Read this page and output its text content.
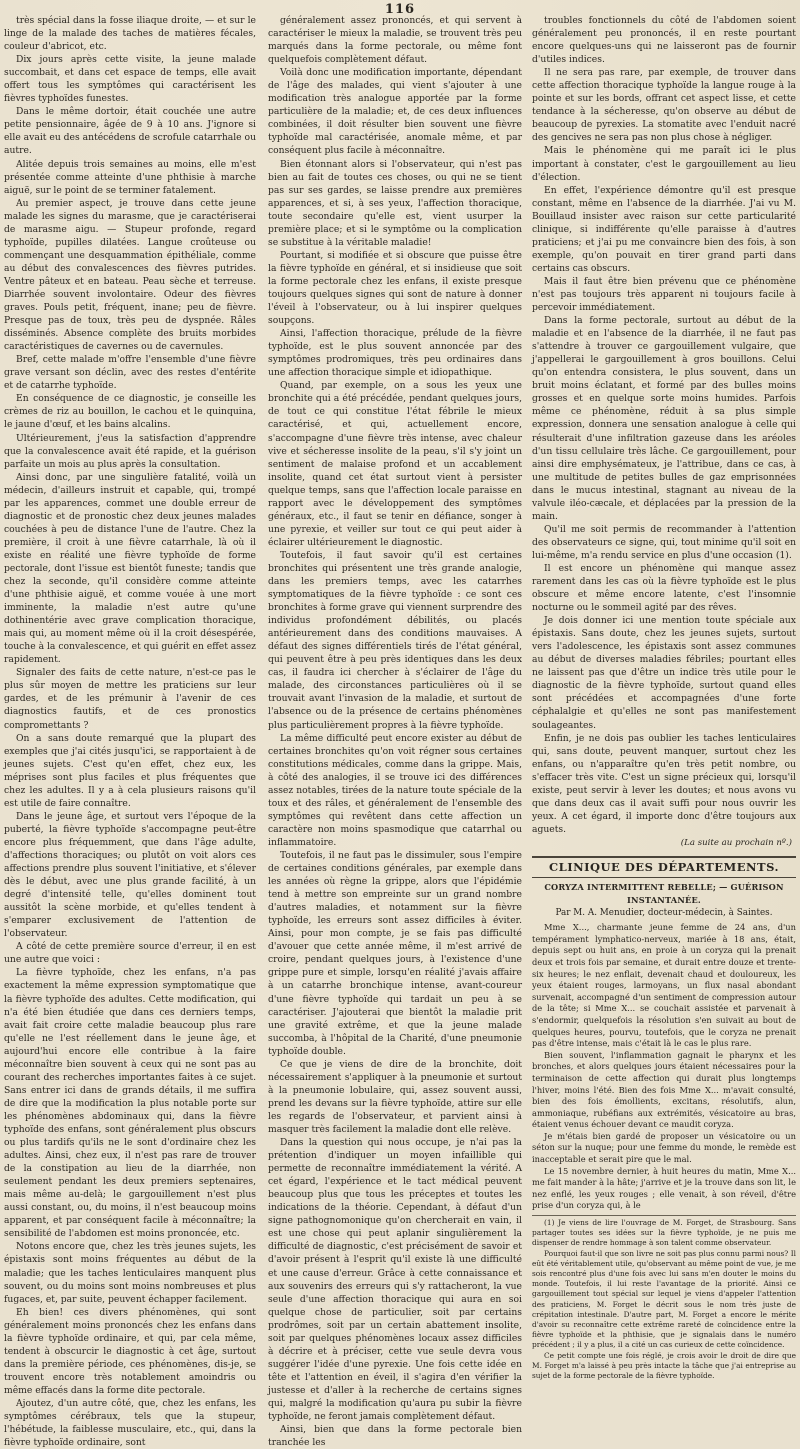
116

très spécial dans la fosse iliaque droite, — et sur le linge de la malade des taches de matières fécales, couleur d'abricot, etc.

Dix jours après cette visite, la jeune malade succombait, et dans cet espace de temps, elle avait offert tous les symptômes qui caractérisent les fièvres typhoïdes funestes.

Dans le même dortoir, était couchée une autre petite pensionnaire, âgée de 9 à 10 ans. J'ignore si elle avait eu des antécédens de scrofule catarrhale ou autre.

Alitée depuis trois semaines au moins, elle m'est présentée comme atteinte d'une phthisie à marche aiguë, sur le point de se terminer fatalement.

Au premier aspect, je trouve dans cette jeune malade les signes du marasme, que je caractériserai de marasme aigu. — Stupeur profonde, regard typhoïde, pupilles dilatées. Langue croûteuse ou commençant une desquammation épithéliale, comme au début des convalescences des fièvres putrides. Ventre pâteux et en bateau. Peau sèche et terreuse. Diarrhée souvent involontaire. Odeur des fièvres graves. Pouls petit, fréquent, inane; peu de fièvre. Presque pas de toux, très peu de dyspnée. Râles disséminés. Absence complète des bruits morbides caractéristiques de cavernes ou de cavernules.

Bref, cette malade m'offre l'ensemble d'une fièvre grave versant son déclin, avec des restes d'entérite et de catarrhe typhoïde.

En conséquence de ce diagnostic, je conseille les crèmes de riz au bouillon, le cachou et le quinquina, le jaune d'œuf, et les bains alcalins.

Ultérieurement, j'eus la satisfaction d'apprendre que la convalescence avait été rapide, et la guérison parfaite un mois au plus après la consultation.

Ainsi donc, par une singulière fatalité, voilà un médecin, d'ailleurs instruit et capable, qui, trompé par les apparences, commet une double erreur de diagnostic et de pronostic chez deux jeunes malades couchées à peu de distance l'une de l'autre. Chez la première, il croit à une fièvre catarrhale, là où il existe en réalité une fièvre typhoïde de forme pectorale, dont l'issue est bientôt funeste; tandis que chez la seconde, qu'il considère comme atteinte d'une phthisie aiguë, et comme vouée à une mort imminente, la maladie n'est autre qu'une dothinentérie avec grave complication thoracique, mais qui, au moment même où il la croit désespérée, touche à la convalescence, et qui guérit en effet assez rapidement.

Signaler des faits de cette nature, n'est-ce pas le plus sûr moyen de mettre les praticiens sur leur gardes, et de les prémunir à l'avenir de ces diagnostics fautifs, et de ces pronostics compromettants ?

On a sans doute remarqué que la plupart des exemples que j'ai cités jusqu'ici, se rapportaient à de jeunes sujets. C'est qu'en effet, chez eux, les méprises sont plus faciles et plus fréquentes que chez les adultes. Il y a à cela plusieurs raisons qu'il est utile de faire connaître.

Dans le jeune âge, et surtout vers l'époque de la puberté, la fièvre typhoïde s'accompagne peut-être encore plus fréquemment, que dans l'âge adulte, d'affections thoraciques; ou plutôt on voit alors ces affections prendre plus souvent l'initiative, et s'élever dès le début, avec une plus grande facilité, à un degré d'intensité telle, qu'elles dominent tout aussitôt la scène morbide, et qu'elles tendent à s'emparer exclusivement de l'attention de l'observateur.

A côté de cette première source d'erreur, il en est une autre que voici :

La fièvre typhoïde, chez les enfans, n'a pas exactement la même expression symptomatique que la fièvre typhoïde des adultes. Cette modification, qui n'a été bien étudiée que dans ces derniers temps, avait fait croire cette maladie beaucoup plus rare qu'elle ne l'est réellement dans le jeune âge, et aujourd'hui encore elle contribue à la faire méconnaître bien souvent à ceux qui ne sont pas au courant des recherches importantes faites à ce sujet. Sans entrer ici dans de grands détails, il me suffira de dire que la modification la plus notable porte sur les phénomènes abdominaux qui, dans la fièvre typhoïde des enfans, sont généralement plus obscurs ou plus tardifs qu'ils ne le sont d'ordinaire chez les adultes. Ainsi, chez eux, il n'est pas rare de trouver de la constipation au lieu de la diarrhée, non seulement pendant les deux premiers septenaires, mais même au-delà; le gargouillement n'est plus aussi constant, ou, du moins, il n'est beaucoup moins apparent, et par conséquent facile à méconnaître; la sensibilité de l'abdomen est moins prononcée, etc.

Notons encore que, chez les très jeunes sujets, les épistaxis sont moins fréquentes au début de la maladie; que les taches lenticulaires manquent plus souvent, ou du moins sont moins nombreuses et plus fugaces, et, par suite, peuvent échapper facilement.

Eh bien! ces divers phénomènes, qui sont généralement moins prononcés chez les enfans dans la fièvre typhoïde ordinaire, et qui, par cela même, tendent à obscurcir le diagnostic à cet âge, surtout dans la première période, ces phénomènes, dis-je, se trouvent encore très notablement amoindris ou même effacés dans la forme dite pectorale.

Ajoutez, d'un autre côté, que, chez les enfans, les symptômes cérébraux, tels que la stupeur, l'hébétude, la faiblesse musculaire, etc., qui, dans la fièvre typhoïde ordinaire, sont

généralement assez prononcés, et qui servent à caractériser le mieux la maladie, se trouvent très peu marqués dans la forme pectorale, ou même font quelquefois complètement défaut.

Voilà donc une modification importante, dépendant de l'âge des malades, qui vient s'ajouter à une modification très analogue apportée par la forme particulière de la maladie; et, de ces deux influences combinées, il doit résulter bien souvent une fièvre typhoïde mal caractérisée, anomale même, et par conséquent plus facile à méconnaître.

Bien étonnant alors si l'observateur, qui n'est pas bien au fait de toutes ces choses, ou qui ne se tient pas sur ses gardes, se laisse prendre aux premières apparences, et si, à ses yeux, l'affection thoracique, toute secondaire qu'elle est, vient usurper la première place; et si le symptôme ou la complication se substitue à la véritable maladie!

Pourtant, si modifiée et si obscure que puisse être la fièvre typhoïde en général, et si insidieuse que soit la forme pectorale chez les enfans, il existe presque toujours quelques signes qui sont de nature à donner l'éveil à l'observateur, ou à lui inspirer quelques soupçons.

Ainsi, l'affection thoracique, prélude de la fièvre typhoïde, est le plus souvent annoncée par des symptômes prodromiques, très peu ordinaires dans une affection thoracique simple et idiopathique.

Quand, par exemple, on a sous les yeux une bronchite qui a été précédée, pendant quelques jours, de tout ce qui constitue l'état fébrile le mieux caractérisé, et qui, actuellement encore, s'accompagne d'une fièvre très intense, avec chaleur vive et sécheresse insolite de la peau, s'il s'y joint un sentiment de malaise profond et un accablement insolite, quand cet état surtout vient à persister quelque temps, sans que l'affection locale paraisse en rapport avec le développement des symptômes généraux, etc., il faut se tenir en défiance, songer à une pyrexie, et veiller sur tout ce qui peut aider à éclairer ultérieurement le diagnostic.

Toutefois, il faut savoir qu'il est certaines bronchites qui présentent une très grande analogie, dans les premiers temps, avec les catarrhes symptomatiques de la fièvre typhoïde : ce sont ces bronchites à forme grave qui viennent surprendre des individus profondément débilités, ou placés antérieurement dans des conditions mauvaises. A défaut des signes différentiels tirés de l'état général, qui peuvent être à peu près identiques dans les deux cas, il faudra ici chercher à s'éclairer de l'âge du malade, des circonstances particulières où il se trouvait avant l'invasion de la maladie, et surtout de l'absence ou de la présence de certains phénomènes plus particulièrement propres à la fièvre typhoïde.

La même difficulté peut encore exister au début de certaines bronchites qu'on voit régner sous certaines constitutions médicales, comme dans la grippe. Mais, à côté des analogies, il se trouve ici des différences assez notables, tirées de la nature toute spéciale de la toux et des râles, et généralement de l'ensemble des symptômes qui revêtent dans cette affection un caractère non moins spasmodique que catarrhal ou inflammatoire.

Toutefois, il ne faut pas le dissimuler, sous l'empire de certaines conditions générales, par exemple dans les années où règne la grippe, alors que l'épidémie tend à mettre son empreinte sur un grand nombre d'autres maladies, et notamment sur la fièvre typhoïde, les erreurs sont assez difficiles à éviter. Ainsi, pour mon compte, je se fais pas difficulté d'avouer que cette année même, il m'est arrivé de croire, pendant quelques jours, à l'existence d'une grippe pure et simple, lorsqu'en réalité j'avais affaire à un catarrhe bronchique intense, avant-coureur d'une fièvre typhoïde qui tardait un peu à se caractériser. J'ajouterai que bientôt la maladie prit une gravité extrême, et que la jeune malade succomba, à l'hôpital de la Charité, d'une pneumonie typhoïde double.

Ce que je viens de dire de la bronchite, doit nécessairement s'appliquer à la pneumonie et surtout à la pneumonie lobulaire, qui, assez souvent aussi, prend les devans sur la fièvre typhoïde, attire sur elle les regards de l'observateur, et parvient ainsi à masquer très facilement la maladie dont elle relève.

Dans la question qui nous occupe, je n'ai pas la prétention d'indiquer un moyen infaillible qui permette de reconnaître immédiatement la vérité. A cet égard, l'expérience et le tact médical peuvent beaucoup plus que tous les préceptes et toutes les indications de la théorie. Cependant, à défaut d'un signe pathognomonique qu'on chercherait en vain, il est une chose qui peut aplanir singulièrement la difficulté de diagnostic, c'est précisément de savoir et d'avoir présent à l'esprit qu'il existe là une difficulté et une cause d'erreur. Grâce à cette connaissance et aux souvenirs des erreurs qui s'y rattacheront, la vue seule d'une affection thoracique qui aura en soi quelque chose de particulier, soit par certains prodrômes, soit par un certain abattement insolite, soit par quelques phénomènes locaux assez difficiles à décrire et à préciser, cette vue seule devra vous suggérer l'idée d'une pyrexie. Une fois cette idée en tête et l'attention en éveil, il s'agira d'en vérifier la justesse et d'aller à la recherche de certains signes qui, malgré la modification qu'aura pu subir la fièvre typhoïde, ne feront jamais complètement défaut.

Ainsi, bien que dans la forme pectorale bien tranchée les

troubles fonctionnels du côté de l'abdomen soient généralement peu prononcés, il en reste pourtant encore quelques-uns qui ne laisseront pas de fournir d'utiles indices.

Il ne sera pas rare, par exemple, de trouver dans cette affection thoracique typhoïde la langue rouge à la pointe et sur les bords, offrant cet aspect lisse, et cette tendance à la sécheresse, qu'on observe au début de beaucoup de pyrexies. La stomatite avec l'enduit nacré des gencives ne sera pas non plus chose à négliger.

Mais le phénomène qui me paraît ici le plus important à constater, c'est le gargouillement au lieu d'élection.

En effet, l'expérience démontre qu'il est presque constant, même en l'absence de la diarrhée. J'ai vu M. Bouillaud insister avec raison sur cette particularité clinique, si indifférente qu'elle paraisse à d'autres praticiens; et j'ai pu me convaincre bien des fois, à son exemple, qu'on pouvait en tirer grand parti dans certains cas obscurs.

Mais il faut être bien prévenu que ce phénomène n'est pas toujours très apparent ni toujours facile à percevoir immédiatement.

Dans la forme pectorale, surtout au début de la maladie et en l'absence de la diarrhée, il ne faut pas s'attendre à trouver ce gargouillement vulgaire, que j'appellerai le gargouillement à gros bouillons. Celui qu'on entendra consistera, le plus souvent, dans un bruit moins éclatant, et formé par des bulles moins grosses et en quelque sorte moins humides. Parfois même ce phénomène, réduit à sa plus simple expression, donnera une sensation analogue à celle qui résulterait d'une infiltration gazeuse dans les aréoles d'un tissu cellulaire très lâche. Ce gargouillement, pour ainsi dire emphysémateux, je l'attribue, dans ce cas, à une multitude de petites bulles de gaz emprisonnées dans le mucus intestinal, stagnant au niveau de la valvule iléo-cæcale, et déplacées par la pression de la main.

Qu'il me soit permis de recommander à l'attention des observateurs ce signe, qui, tout minime qu'il soit en lui-même, m'a rendu service en plus d'une occasion (1).

Il est encore un phénomène qui manque assez rarement dans les cas où la fièvre typhoïde est le plus obscure et même encore latente, c'est l'insomnie nocturne ou le sommeil agité par des rêves.

Je dois donner ici une mention toute spéciale aux épistaxis. Sans doute, chez les jeunes sujets, surtout vers l'adolescence, les épistaxis sont assez communes au début de diverses maladies fébriles; pourtant elles ne laissent pas que d'être un indice très utile pour le diagnostic de la fièvre typhoïde, surtout quand elles sont précédées et accompagnées d'une forte céphalalgie et qu'elles ne sont pas manifestement soulageantes.

Enfin, je ne dois pas oublier les taches lenticulaires qui, sans doute, peuvent manquer, surtout chez les enfans, ou n'apparaître qu'en très petit nombre, ou s'effacer très vite. C'est un signe précieux qui, lorsqu'il existe, peut servir à lever les doutes; et nous avons vu que dans deux cas il avait suffi pour nous ouvrir les yeux. A cet égard, il importe donc d'être toujours aux aguets.

(La suite au prochain nº.)
CLINIQUE DES DÉPARTEMENTS.
CORYZA INTERMITTENT REBELLE; — GUÉRISON INSTANTANÉE.
Par M. A. Menudier, docteur-médecin, à Saintes.

Mme X..., charmante jeune femme de 24 ans, d'un tempérament lymphatico-nerveux, mariée à 18 ans, était, depuis sept ou huit ans, en proie à un coryza qui la prenait deux et trois fois par semaine, et durait entre douze et trente-six heures; le nez enflait, devenait chaud et douloureux, les yeux étaient rouges, larmoyans, un flux nasal abondant survenait, accompagné d'un sentiment de compression autour de la tête; si Mme X... se couchait assistée et parvenait à s'endormir, quelquefois la résolution s'en suivait au bout de quelques heures, pourvu, toutefois, que le coryza ne prenait pas d'être intense, mais c'était là le cas le plus rare.

Bien souvent, l'inflammation gagnait le pharynx et les bronches, et alors quelques jours étaient nécessaires pour la terminaison de cette affection qui durait plus longtemps l'hiver, moins l'été. Bien des fois Mme X... m'avait consulté, bien des fois émollients, excitans, résolutifs, alun, ammoniaque, rubéfians aux extrémités, vésicatoire au bras, étaient venus échouer devant ce maudit coryza.

Je m'étais bien gardé de proposer un vésicatoire ou un séton sur la nuque; pour une femme du monde, le remède est inacceptable et serait pire que le mal.

Le 15 novembre dernier, à huit heures du matin, Mme X... me fait mander à la hâte; j'arrive et je la trouve dans son lit, le nez enflé, les yeux rouges ; elle venait, à son réveil, d'être prise d'un coryza qui, à le

(1) Je viens de lire l'ouvrage de M. Forget, de Strasbourg. Sans partager toutes ses idées sur la fièvre typhoïde, je ne puis me dispenser de rendre hommage à son talent comme observateur.

Pourquoi faut-il que son livre ne soit pas plus connu parmi nous? Il eût été véritablement utile, qu'observant au même point de vue, je me sois rencontré plus d'une fois avec lui sans m'en douter le moins du monde. Toutefois, il lui reste l'avantage de la priorité. Ainsi ce gargouillement tout spécial sur lequel je viens d'appeler l'attention des praticiens, M. Forget le décrit sous le nom très juste de crépitation intestinale. D'autre part, M. Forget a encore le mérite d'avoir su reconnaître cette extrême rareté de coïncidence entre la fièvre typhoïde et la phthisie, que je signalais dans le numéro précédent ; il y a plus, il a cité un cas curieux de cette coïncidence.

Ce petit compte une fois réglé, je crois avoir le droit de dire que M. Forget m'a laissé à peu près intacte la tâche que j'ai entreprise au sujet de la forme pectorale de la fièvre typhoïde.
